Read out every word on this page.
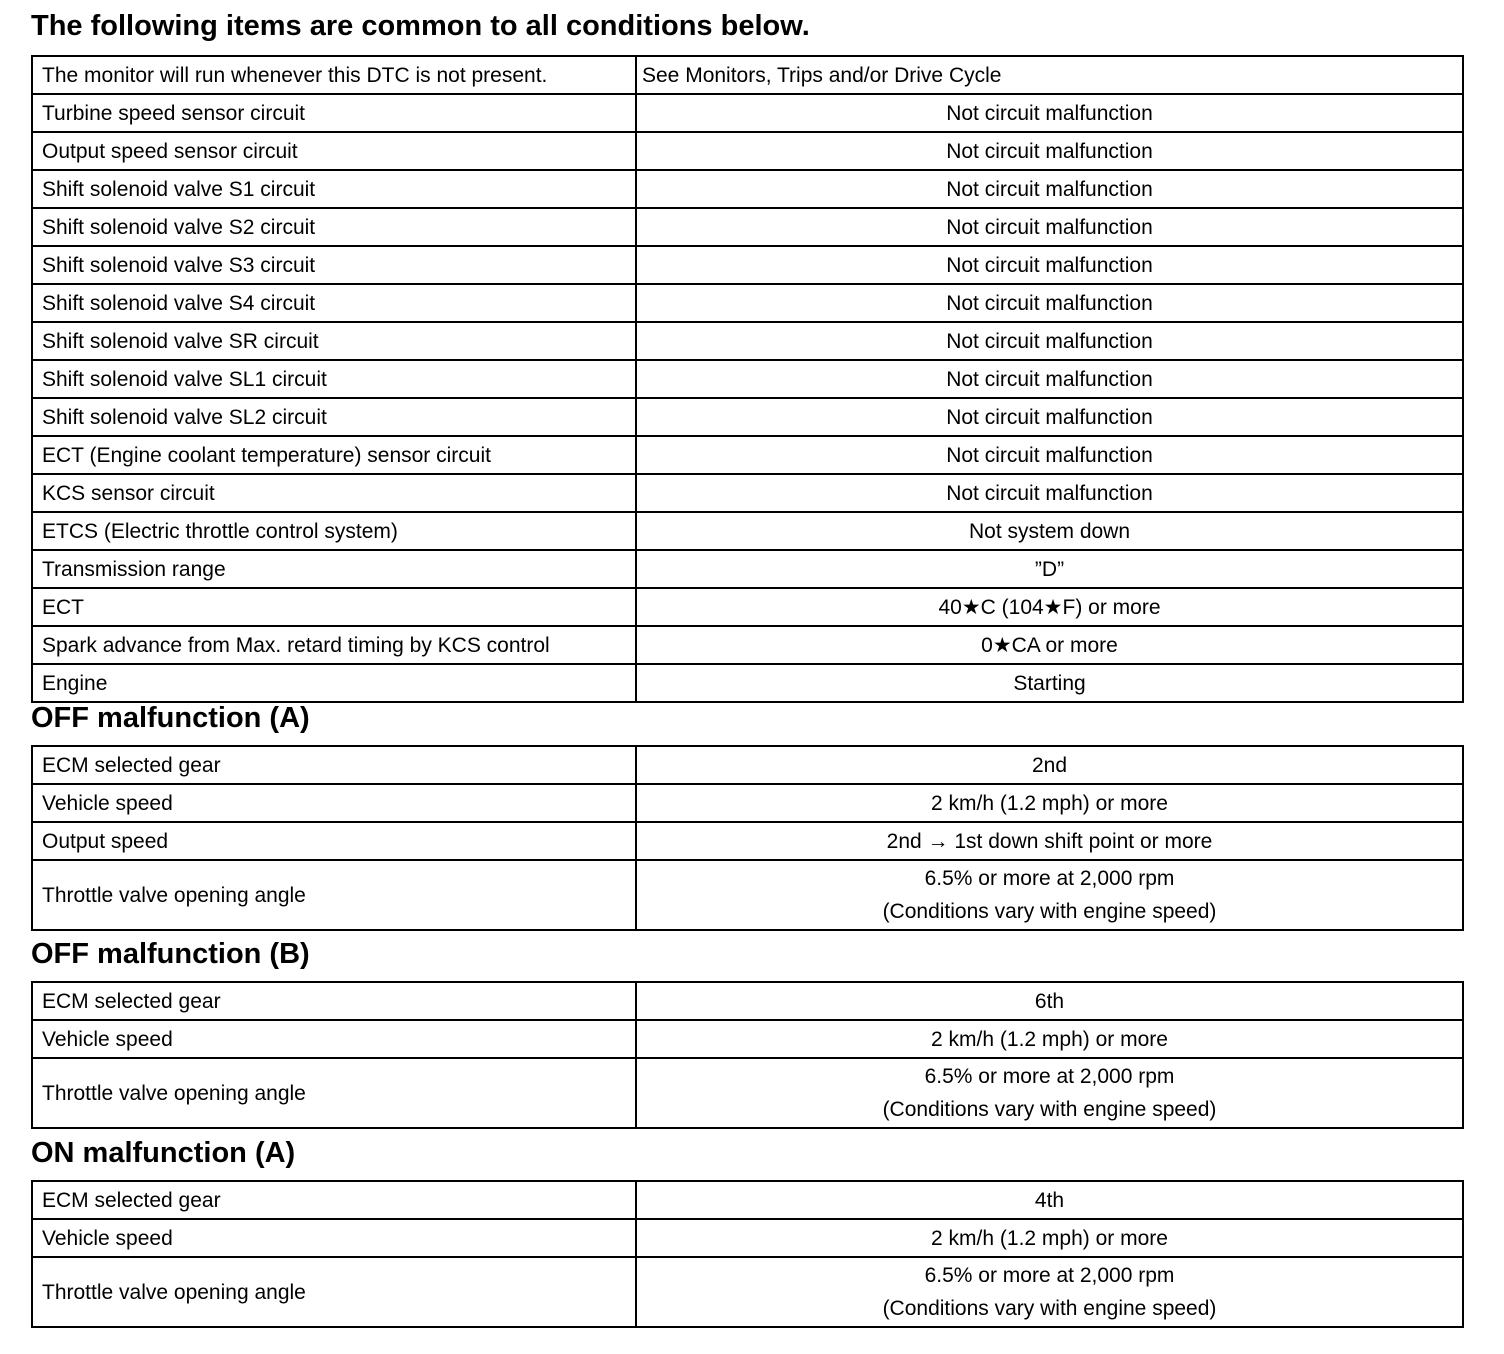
The following items are common to all conditions below.
The monitor will run whenever this DTC is not present.	See Monitors, Trips and/or Drive Cycle
Turbine speed sensor circuit	Not circuit malfunction
Output speed sensor circuit	Not circuit malfunction
Shift solenoid valve S1 circuit	Not circuit malfunction
Shift solenoid valve S2 circuit	Not circuit malfunction
Shift solenoid valve S3 circuit	Not circuit malfunction
Shift solenoid valve S4 circuit	Not circuit malfunction
Shift solenoid valve SR circuit	Not circuit malfunction
Shift solenoid valve SL1 circuit	Not circuit malfunction
Shift solenoid valve SL2 circuit	Not circuit malfunction
ECT (Engine coolant temperature) sensor circuit	Not circuit malfunction
KCS sensor circuit	Not circuit malfunction
ETCS (Electric throttle control system)	Not system down
Transmission range	”D”
ECT	40★C (104★F) or more
Spark advance from Max. retard timing by KCS control	0★CA or more
Engine	Starting
OFF malfunction (A)
ECM selected gear	2nd
Vehicle speed	2 km/h (1.2 mph) or more
Output speed	2nd → 1st down shift point or more
Throttle valve opening angle	6.5% or more at 2,000 rpm
(Conditions vary with engine speed)
OFF malfunction (B)
ECM selected gear	6th
Vehicle speed	2 km/h (1.2 mph) or more
Throttle valve opening angle	6.5% or more at 2,000 rpm
(Conditions vary with engine speed)
ON malfunction (A)
ECM selected gear	4th
Vehicle speed	2 km/h (1.2 mph) or more
Throttle valve opening angle	6.5% or more at 2,000 rpm
(Conditions vary with engine speed)
